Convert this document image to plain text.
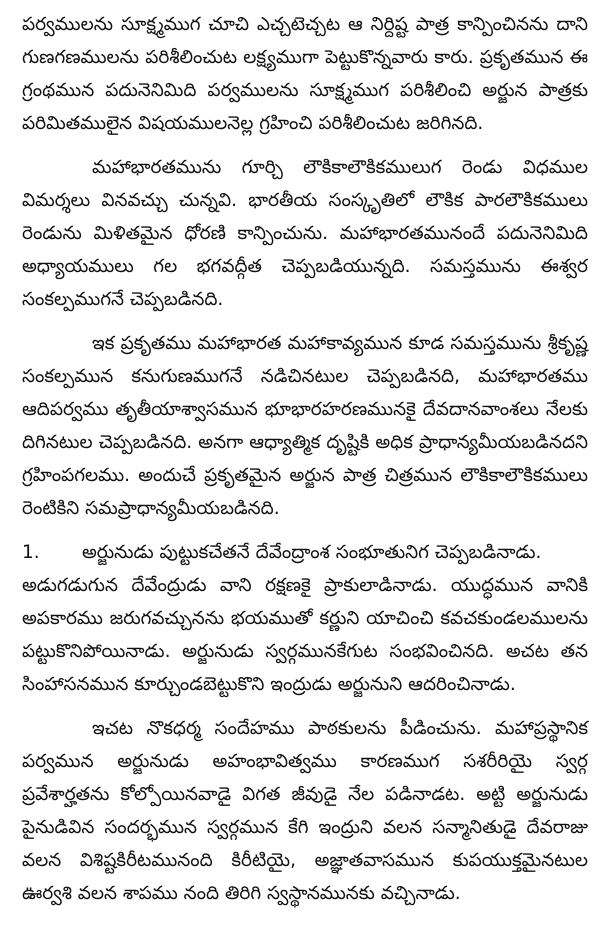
పర్వములను సూక్ష్మముగ చూచి ఎచ్చటెచ్చట ఆ నిర్దిష్ట పాత్ర కాన్పించినను దాని గుణగణములను పరిశీలించుట లక్ష్యముగా పెట్టుకొన్నవారు కారు. ప్రకృతమున ఈ గ్రంథమున పదునెనిమిది పర్వములను సూక్ష్మముగ పరిశీలించి అర్జున పాత్రకు పరిమితములైన విషయములనెల్ల గ్రహించి పరిశీలించుట జరిగినది.

మహాభారతమును గూర్చి లౌకికాలౌకికములుగ రెండు విధముల విమర్శలు వినవచ్చు చున్నవి. భారతీయ సంస్కృతిలో లౌకిక పారలౌకికములు రెండును మిళితమైన ధోరణి కాన్పించును. మహాభారతమునందే పదునెనిమిది అధ్యాయములు గల భగవద్గీత చెప్పబడియున్నది. సమస్తమును ఈశ్వర సంకల్పముగనే చెప్పబడినది.

ఇక ప్రకృతము మహాభారత మహాకావ్యమున కూడ సమస్తమును శ్రీకృష్ణ సంకల్పమున కనుగుణముగనే నడిచినటుల చెప్పబడినది, మహాభారతము ఆదిపర్వము తృతీయాశ్వాసమున భూభారహరణమునకై దేవదానవాంశలు నేలకు దిగినటుల చెప్పబడినది. అనగా ఆధ్యాత్మిక దృష్టికి అధిక ప్రాధాన్యమీయబడినదని గ్రహింపగలము. అందుచే ప్రకృతమైన అర్జున పాత్ర చిత్రమున లౌకికాలౌకికములు రెంటికిని సమప్రాధాన్యమీయబడినది.

1.	అర్జునుడు పుట్టుకచేతనే దేవేంద్రాంశ సంభూతునిగ చెప్పబడినాడు.

అడుగడుగున దేవేంద్రుడు వాని రక్షణకై ప్రాకులాడినాడు. యుద్ధమున వానికి అపకారము జరుగవచ్చునను భయముతో కర్ణుని యాచించి కవచకుండలములను పట్టుకొనిపోయినాడు. అర్జునుడు స్వర్గమునకేగుట సంభవించినది. అచట తన సింహాసనమున కూర్చుండబెట్టుకొని ఇంద్రుడు అర్జునుని ఆదరించినాడు.

ఇచట నొకధర్మ సందేహము పాఠకులను పీడించును. మహాప్రస్థానిక పర్వమున అర్జునుడు అహంభావిత్వము కారణముగ సశరీరియై స్వర్గ ప్రవేశార్హతను కోల్పోయినవాడై విగత జీవుడై నేల పడినాడట. అట్టి అర్జునుడు పైనుడివిన సందర్భమున స్వర్గమున కేగి ఇంద్రుని వలన సన్మానితుడై దేవరాజు వలన విశిష్టకిరీటమునంది కిరీటియై, అజ్ఞాతవాసమున కుపయుక్తమైనటుల ఊర్వశి వలన శాపము నంది తిరిగి స్వస్థానమునకు వచ్చినాడు.
